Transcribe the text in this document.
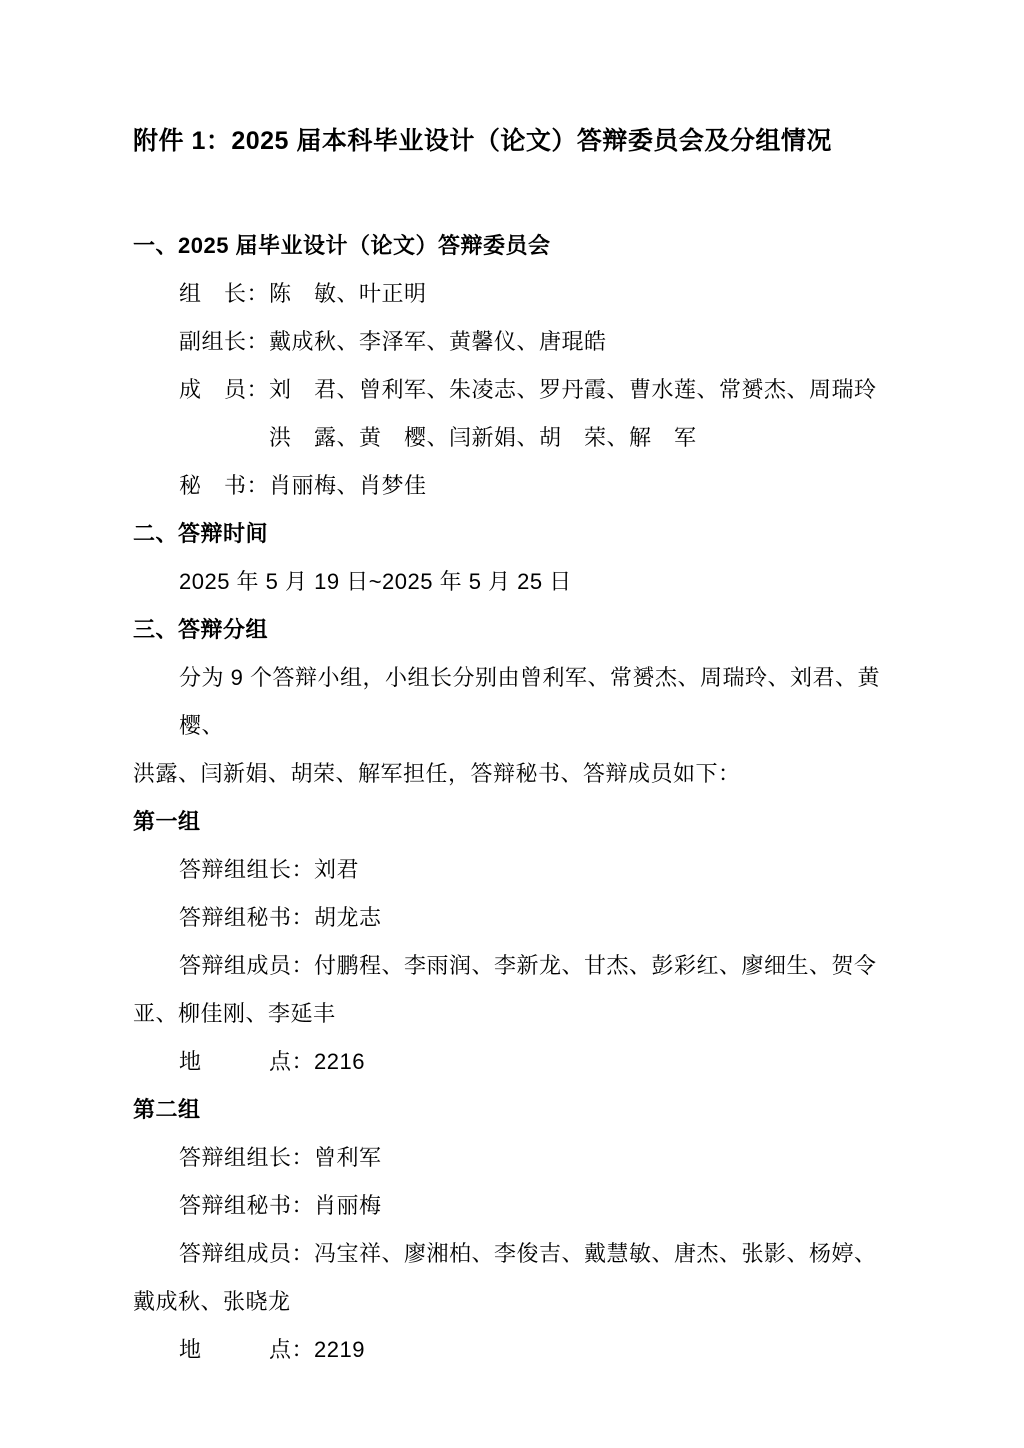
附件 1：2025 届本科毕业设计（论文）答辩委员会及分组情况
一、2025 届毕业设计（论文）答辩委员会
组　长： 陈　敏、叶正明
副组长： 戴成秋、李泽军、黄馨仪、唐琨皓
成　员： 刘　君、曾利军、朱凌志、罗丹霞、曹水莲、常赟杰、周瑞玲
洪　露、黄　樱、闫新娟、胡　荣、解　军
秘　书： 肖丽梅、肖梦佳
二、答辩时间
2025 年 5 月 19 日~2025 年 5 月 25 日
三、答辩分组
分为 9 个答辩小组，小组长分别由曾利军、常赟杰、周瑞玲、刘君、黄樱、
洪露、闫新娟、胡荣、解军担任，答辩秘书、答辩成员如下：
第一组
答辩组组长： 刘君
答辩组秘书： 胡龙志
答辩组成员：付鹏程、李雨润、李新龙、甘杰、彭彩红、廖细生、贺令
亚、柳佳刚、李延丰
地　　　点： 2216
第二组
答辩组组长： 曾利军
答辩组秘书： 肖丽梅
答辩组成员：冯宝祥、廖湘柏、李俊吉、戴慧敏、唐杰、张影、杨婷、
戴成秋、张晓龙
地　　　点： 2219
